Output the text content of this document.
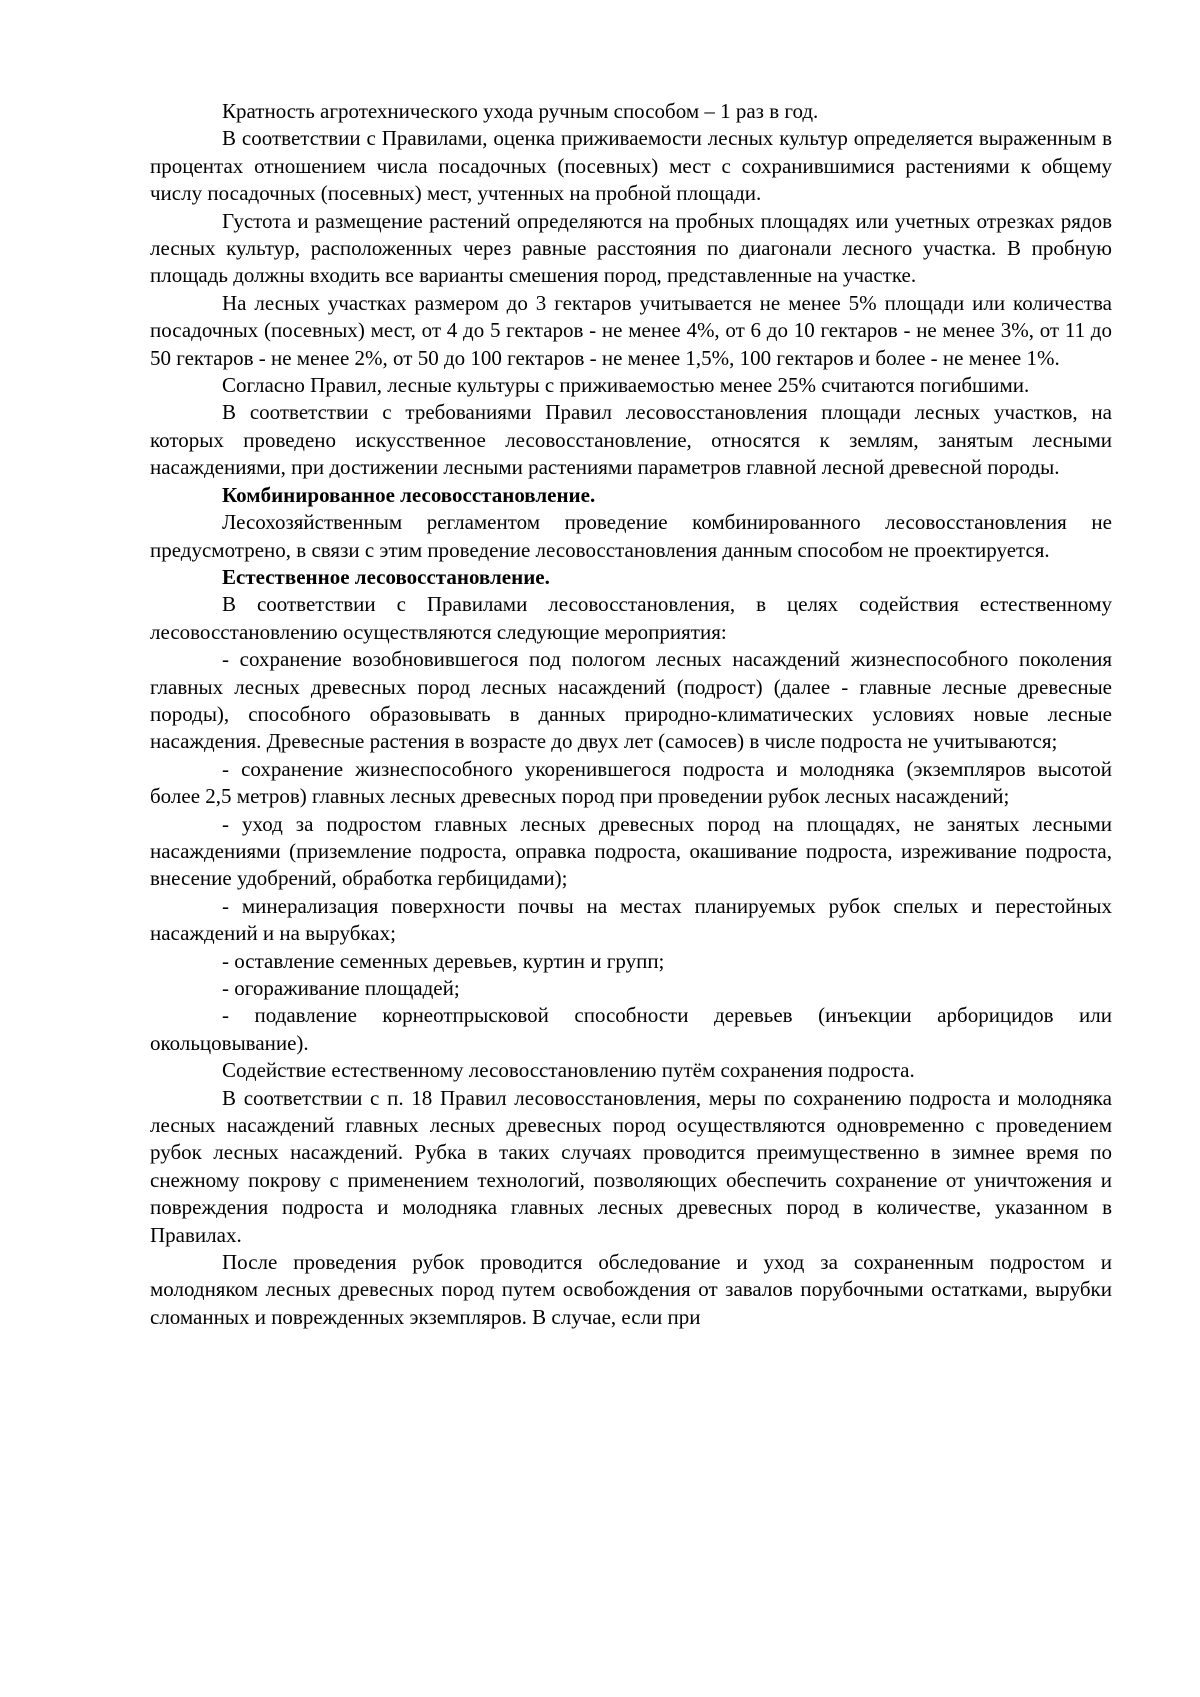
Кратность агротехнического ухода ручным способом – 1 раз в год.

В соответствии с Правилами, оценка приживаемости лесных культур определяется выраженным в процентах отношением числа посадочных (посевных) мест с сохранившимися растениями к общему числу посадочных (посевных) мест, учтенных на пробной площади.

Густота и размещение растений определяются на пробных площадях или учетных отрезках рядов лесных культур, расположенных через равные расстояния по диагонали лесного участка. В пробную площадь должны входить все варианты смешения пород, представленные на участке.

На лесных участках размером до 3 гектаров учитывается не менее 5% площади или количества посадочных (посевных) мест, от 4 до 5 гектаров - не менее 4%, от 6 до 10 гектаров - не менее 3%, от 11 до 50 гектаров - не менее 2%, от 50 до 100 гектаров - не менее 1,5%, 100 гектаров и более - не менее 1%.

Согласно Правил, лесные культуры с приживаемостью менее 25% считаются погибшими.

В соответствии с требованиями Правил лесовосстановления площади лесных участков, на которых проведено искусственное лесовосстановление, относятся к землям, занятым лесными насаждениями, при достижении лесными растениями параметров главной лесной древесной породы.

Комбинированное лесовосстановление.

Лесохозяйственным регламентом проведение комбинированного лесовосстановления не предусмотрено, в связи с этим проведение лесовосстановления данным способом не проектируется.

Естественное лесовосстановление.

В соответствии с Правилами лесовосстановления, в целях содействия естественному лесовосстановлению осуществляются следующие мероприятия:

- сохранение возобновившегося под пологом лесных насаждений жизнеспособного поколения главных лесных древесных пород лесных насаждений (подрост) (далее - главные лесные древесные породы), способного образовывать в данных природно-климатических условиях новые лесные насаждения. Древесные растения в возрасте до двух лет (самосев) в числе подроста не учитываются;

- сохранение жизнеспособного укоренившегося подроста и молодняка (экземпляров высотой более 2,5 метров) главных лесных древесных пород при проведении рубок лесных насаждений;

- уход за подростом главных лесных древесных пород на площадях, не занятых лесными насаждениями (приземление подроста, оправка подроста, окашивание подроста, изреживание подроста, внесение удобрений, обработка гербицидами);

- минерализация поверхности почвы на местах планируемых рубок спелых и перестойных насаждений и на вырубках;

- оставление семенных деревьев, куртин и групп;

- огораживание площадей;

- подавление корнеотпрысковой способности деревьев (инъекции арборицидов или окольцовывание).

Содействие естественному лесовосстановлению путём сохранения подроста.

В соответствии с п. 18 Правил лесовосстановления, меры по сохранению подроста и молодняка лесных насаждений главных лесных древесных пород осуществляются одновременно с проведением рубок лесных насаждений. Рубка в таких случаях проводится преимущественно в зимнее время по снежному покрову с применением технологий, позволяющих обеспечить сохранение от уничтожения и повреждения подроста и молодняка главных лесных древесных пород в количестве, указанном в Правилах.

После проведения рубок проводится обследование и уход за сохраненным подростом и молодняком лесных древесных пород путем освобождения от завалов порубочными остатками, вырубки сломанных и поврежденных экземпляров. В случае, если при
